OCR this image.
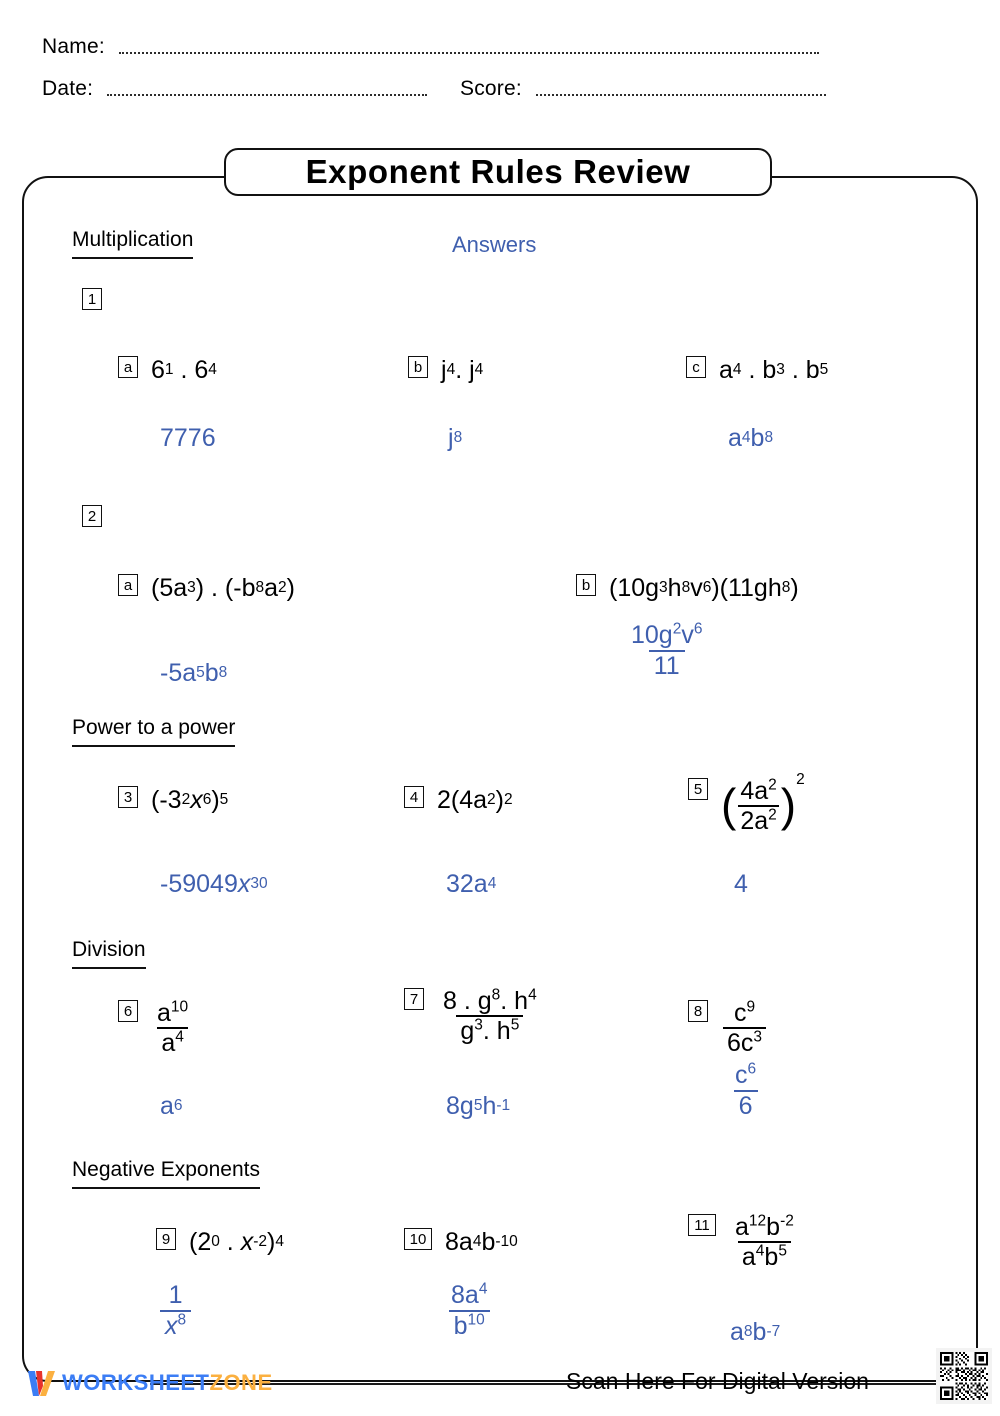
Name:
Date:	Score:
Exponent Rules Review
Multiplication
Power to a power
Division
Negative Exponents
Answers
1
a 6 1 . 6 4
7776
b j 4 . j 4
j 8
c a 4 . b 3 . b 5
a 4 b 8
2
a (5a 3 ) . (-b 8 a 2 )
-5a 5 b 8
b (10g 3 h 8 v 6 )(11gh 8 )
$\frac{10g^2v^6}{11}$
3 (-3 2 x 6 ) 5
-59049 x 30
4 2(4a 2 ) 2
32a 4
5 ( $\frac{4a^2}{2a^2}$ ) 2
4
$6 \frac{a^{10}}{a^4}$
a 6
$7 \frac{8 . g^8. h^4}{g^3. h^5}$
8g 5 h -1
$8 \frac{c^9}{6c^3}$
$\frac{c^6}{6}$
9 (2 0 . x -2 ) 4
$\frac{1}{x^8}$
10 8a 4 b -10
$\frac{8a^4}{b^{10}}$
$11 \frac{a^{12}b^{-2}}{a^4b^5}$
a 8 b -7
WORKSHEETZONE	Scan Here For Digital Version
